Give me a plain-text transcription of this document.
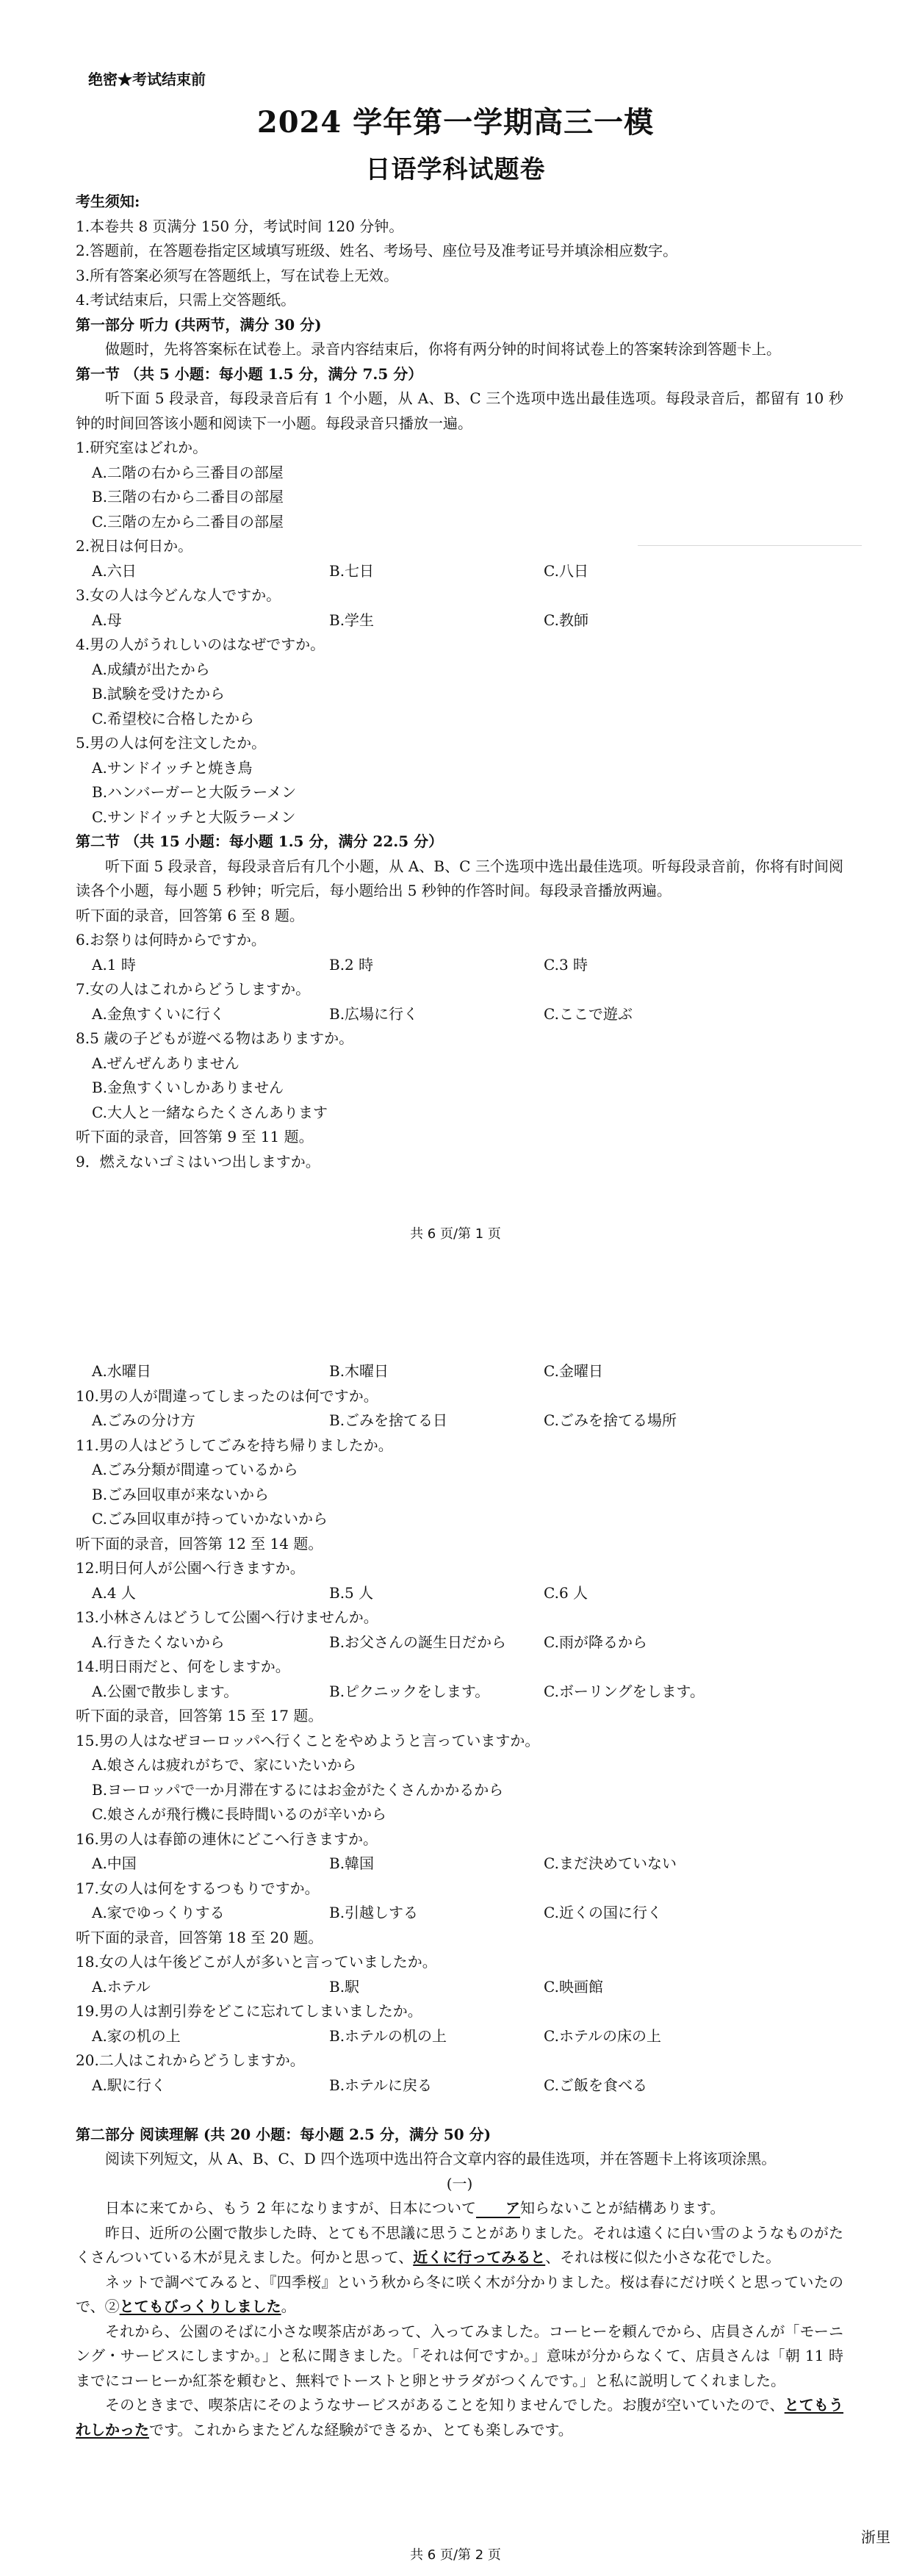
绝密★考试结束前
2024 学年第一学期高三一模
日语学科试题卷
考生须知:
1.本卷共 8 页满分 150 分，考试时间 120 分钟。
2.答题前，在答题卷指定区域填写班级、姓名、考场号、座位号及准考证号并填涂相应数字。
3.所有答案必须写在答题纸上，写在试卷上无效。
4.考试结束后，只需上交答题纸。
第一部分 听力 (共两节，满分 30 分)
做题时，先将答案标在试卷上。录音内容结束后，你将有两分钟的时间将试卷上的答案转涂到答题卡上。
第一节 （共 5 小题：每小题 1.5 分，满分 7.5 分）
听下面 5 段录音，每段录音后有 1 个小题，从 A、B、C 三个选项中选出最佳选项。每段录音后，都留有 10 秒钟的时间回答该小题和阅读下一小题。每段录音只播放一遍。
1.研究室はどれか。
A.二階の右から三番目の部屋
B.三階の右から二番目の部屋
C.三階の左から二番目の部屋
2.祝日は何日か。
A.六日	B.七日	C.八日
3.女の人は今どんな人ですか。
A.母	B.学生	C.教師
4.男の人がうれしいのはなぜですか。
A.成績が出たから
B.試験を受けたから
C.希望校に合格したから
5.男の人は何を注文したか。
A.サンドイッチと焼き鳥
B.ハンバーガーと大阪ラーメン
C.サンドイッチと大阪ラーメン
第二节 （共 15 小题：每小题 1.5 分，满分 22.5 分）
听下面 5 段录音，每段录音后有几个小题，从 A、B、C 三个选项中选出最佳选项。听每段录音前，你将有时间阅读各个小题，每小题 5 秒钟；听完后，每小题给出 5 秒钟的作答时间。每段录音播放两遍。
听下面的录音，回答第 6 至 8 题。
6.お祭りは何時からですか。
A.1 時	B.2 時	C.3 時
7.女の人はこれからどうしますか。
A.金魚すくいに行く	B.広場に行く	C.ここで遊ぶ
8.5 歳の子どもが遊べる物はありますか。
A.ぜんぜんありません
B.金魚すくいしかありません
C.大人と一緒ならたくさんあります
听下面的录音，回答第 9 至 11 题。
9．燃えないゴミはいつ出しますか。
共 6 页/第 1 页
A.水曜日	B.木曜日	C.金曜日
10.男の人が間違ってしまったのは何ですか。
A.ごみの分け方	B.ごみを捨てる日	C.ごみを捨てる場所
11.男の人はどうしてごみを持ち帰りましたか。
A.ごみ分類が間違っているから
B.ごみ回収車が来ないから
C.ごみ回収車が持っていかないから
听下面的录音，回答第 12 至 14 题。
12.明日何人が公園へ行きますか。
A.4 人	B.5 人	C.6 人
13.小林さんはどうして公園へ行けませんか。
A.行きたくないから	B.お父さんの誕生日だから	C.雨が降るから
14.明日雨だと、何をしますか。
A.公園で散歩します。	B.ピクニックをします。	C.ボーリングをします。
听下面的录音，回答第 15 至 17 题。
15.男の人はなぜヨーロッパへ行くことをやめようと言っていますか。
A.娘さんは疲れがちで、家にいたいから
B.ヨーロッパで一か月滞在するにはお金がたくさんかかるから
C.娘さんが飛行機に長時間いるのが辛いから
16.男の人は春節の連休にどこへ行きますか。
A.中国	B.韓国	C.まだ決めていない
17.女の人は何をするつもりですか。
A.家でゆっくりする	B.引越しする	C.近くの国に行く
听下面的录音，回答第 18 至 20 题。
18.女の人は午後どこが人が多いと言っていましたか。
A.ホテル	B.駅	C.映画館
19.男の人は割引券をどこに忘れてしまいましたか。
A.家の机の上	B.ホテルの机の上	C.ホテルの床の上
20.二人はこれからどうしますか。
A.駅に行く	B.ホテルに戻る	C.ご飯を食べる
第二部分 阅读理解 (共 20 小题：每小题 2.5 分，满分 50 分)
阅读下列短文，从 A、B、C、D 四个选项中选出符合文章内容的最佳选项，并在答题卡上将该项涂黑。
(一)
日本に来てから、もう 2 年になりますが、日本について ア知らないことが結構あります。
昨日、近所の公園で散歩した時、とても不思議に思うことがありました。それは遠くに白い雪のようなものがたくさんついている木が見えました。何かと思って、近くに行ってみると、それは桜に似た小さな花でした。
ネットで調べてみると、『四季桜』という秋から冬に咲く木が分かりました。桜は春にだけ咲くと思っていたので、②とてもびっくりしました。
それから、公園のそばに小さな喫茶店があって、入ってみました。コーヒーを頼んでから、店員さんが「モーニング・サービスにしますか。」と私に聞きました。「それは何ですか。」意味が分からなくて、店員さんは「朝 11 時までにコーヒーか紅茶を頼むと、無料でトーストと卵とサラダがつくんです。」と私に説明してくれました。
そのときまで、喫茶店にそのようなサービスがあることを知りませんでした。お腹が空いていたので、とてもうれしかったです。これからまたどんな経験ができるか、とても楽しみです。
共 6 页/第 2 页
浙里
